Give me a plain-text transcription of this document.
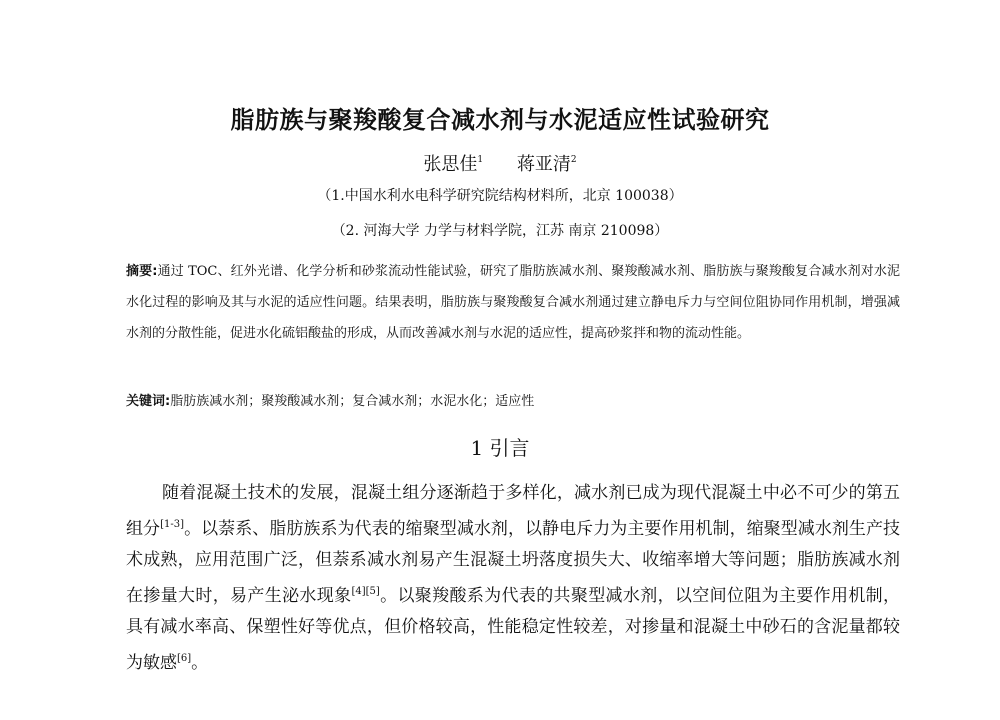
脂肪族与聚羧酸复合减水剂与水泥适应性试验研究
张思佳$^1$ 蒋亚清$^2$
（1.中国水利水电科学研究院结构材料所，北京 100038）
（2. 河海大学 力学与材料学院，江苏 南京 210098）
摘要:通过 TOC、红外光谱、化学分析和砂浆流动性能试验，研究了脂肪族减水剂、聚羧酸减水剂、脂肪族与聚羧酸复合减水剂对水泥水化过程的影响及其与水泥的适应性问题。结果表明，脂肪族与聚羧酸复合减水剂通过建立静电斥力与空间位阻协同作用机制，增强减水剂的分散性能，促进水化硫铝酸盐的形成，从而改善减水剂与水泥的适应性，提高砂浆拌和物的流动性能。
关键词:脂肪族减水剂；聚羧酸减水剂；复合减水剂；水泥水化；适应性
1 引言
随着混凝土技术的发展，混凝土组分逐渐趋于多样化，减水剂已成为现代混凝土中必不可少的第五组分[1-3]。以萘系、脂肪族系为代表的缩聚型减水剂，以静电斥力为主要作用机制，缩聚型减水剂生产技术成熟，应用范围广泛，但萘系减水剂易产生混凝土坍落度损失大、收缩率增大等问题；脂肪族减水剂在掺量大时，易产生泌水现象[4][5]。以聚羧酸系为代表的共聚型减水剂，以空间位阻为主要作用机制，具有减水率高、保塑性好等优点，但价格较高，性能稳定性较差，对掺量和混凝土中砂石的含泥量都较为敏感[6]。
